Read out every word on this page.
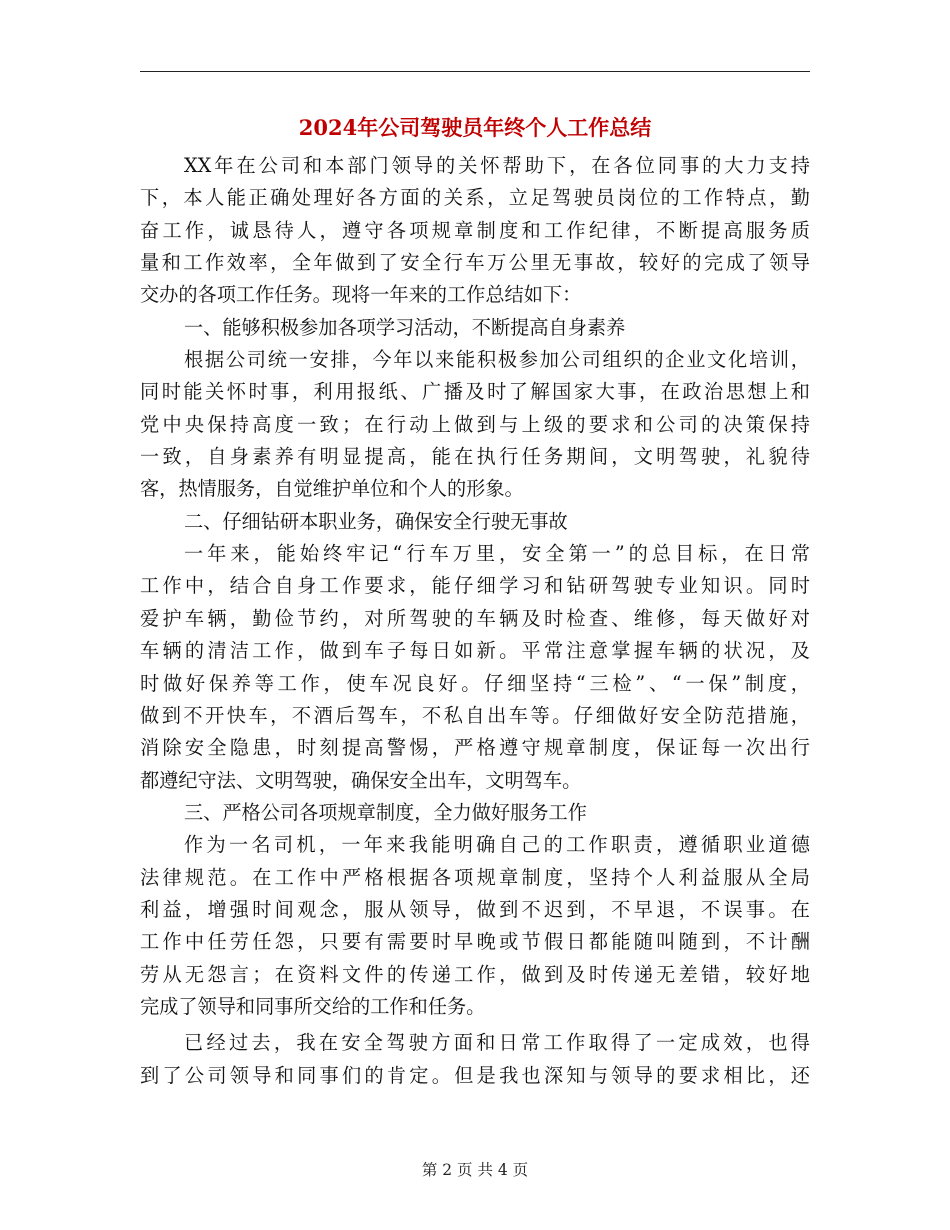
2024年公司驾驶员年终个人工作总结
XX年在公司和本部门领导的关怀帮助下，在各位同事的大力支持
下，本人能正确处理好各方面的关系，立足驾驶员岗位的工作特点，勤
奋工作，诚恳待人，遵守各项规章制度和工作纪律，不断提高服务质
量和工作效率，全年做到了安全行车万公里无事故，较好的完成了领导
交办的各项工作任务。现将一年来的工作总结如下：
一、能够积极参加各项学习活动，不断提高自身素养
根据公司统一安排，今年以来能积极参加公司组织的企业文化培训，
同时能关怀时事，利用报纸、广播及时了解国家大事，在政治思想上和
党中央保持高度一致；在行动上做到与上级的要求和公司的决策保持
一致，自身素养有明显提高，能在执行任务期间，文明驾驶，礼貌待
客，热情服务，自觉维护单位和个人的形象。
二、仔细钻研本职业务，确保安全行驶无事故
一年来，能始终牢记“行车万里，安全第一”的总目标，在日常
工作中，结合自身工作要求，能仔细学习和钻研驾驶专业知识。同时
爱护车辆，勤俭节约，对所驾驶的车辆及时检查、维修，每天做好对
车辆的清洁工作，做到车子每日如新。平常注意掌握车辆的状况，及
时做好保养等工作，使车况良好。仔细坚持“三检”、“一保”制度，
做到不开快车，不酒后驾车，不私自出车等。仔细做好安全防范措施，
消除安全隐患，时刻提高警惕，严格遵守规章制度，保证每一次出行
都遵纪守法、文明驾驶，确保安全出车，文明驾车。
三、严格公司各项规章制度，全力做好服务工作
作为一名司机，一年来我能明确自己的工作职责，遵循职业道德
法律规范。在工作中严格根据各项规章制度，坚持个人利益服从全局
利益，增强时间观念，服从领导，做到不迟到，不早退，不误事。在
工作中任劳任怨，只要有需要时早晚或节假日都能随叫随到，不计酬
劳从无怨言；在资料文件的传递工作，做到及时传递无差错，较好地
完成了领导和同事所交给的工作和任务。
已经过去，我在安全驾驶方面和日常工作取得了一定成效，也得
到了公司领导和同事们的肯定。但是我也深知与领导的要求相比，还
第 2 页 共 4 页
